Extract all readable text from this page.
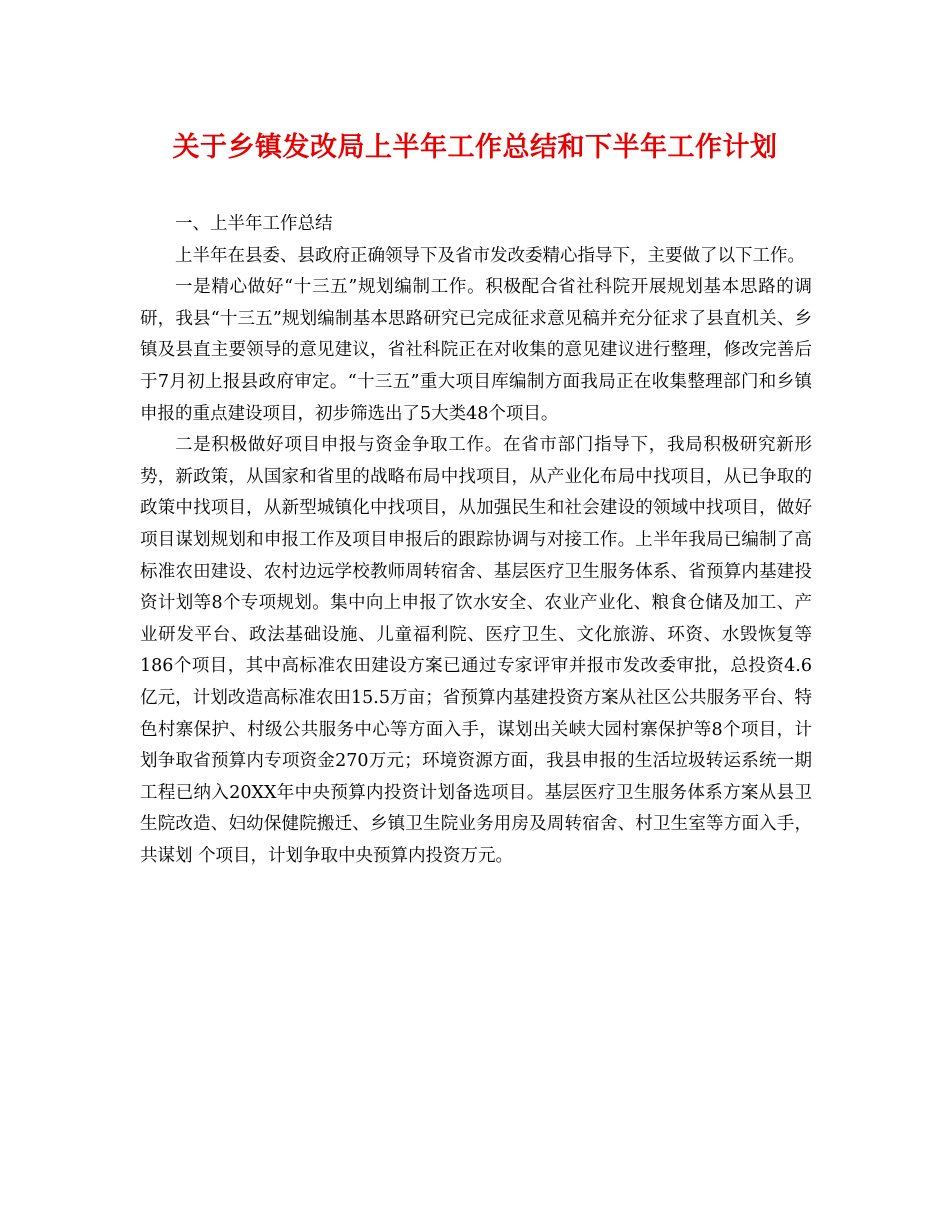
关于乡镇发改局上半年工作总结和下半年工作计划

一、上半年工作总结

上半年在县委、县政府正确领导下及省市发改委精心指导下，主要做了以下工作。

一是精心做好“十三五”规划编制工作。积极配合省社科院开展规划基本思路的调研，我县“十三五”规划编制基本思路研究已完成征求意见稿并充分征求了县直机关、乡镇及县直主要领导的意见建议，省社科院正在对收集的意见建议进行整理，修改完善后于7月初上报县政府审定。“十三五”重大项目库编制方面我局正在收集整理部门和乡镇申报的重点建设项目，初步筛选出了5大类48个项目。

二是积极做好项目申报与资金争取工作。在省市部门指导下，我局积极研究新形势，新政策，从国家和省里的战略布局中找项目，从产业化布局中找项目，从已争取的政策中找项目，从新型城镇化中找项目，从加强民生和社会建设的领域中找项目，做好项目谋划规划和申报工作及项目申报后的跟踪协调与对接工作。上半年我局已编制了高标准农田建设、农村边远学校教师周转宿舍、基层医疗卫生服务体系、省预算内基建投资计划等8个专项规划。集中向上申报了饮水安全、农业产业化、粮食仓储及加工、产业研发平台、政法基础设施、儿童福利院、医疗卫生、文化旅游、环资、水毁恢复等186个项目，其中高标准农田建设方案已通过专家评审并报市发改委审批，总投资4.6亿元，计划改造高标准农田15.5万亩；省预算内基建投资方案从社区公共服务平台、特色村寨保护、村级公共服务中心等方面入手，谋划出关峡大园村寨保护等8个项目，计划争取省预算内专项资金270万元；环境资源方面，我县申报的生活垃圾转运系统一期工程已纳入20XX年中央预算内投资计划备选项目。基层医疗卫生服务体系方案从县卫生院改造、妇幼保健院搬迁、乡镇卫生院业务用房及周转宿舍、村卫生室等方面入手，共谋划 个项目，计划争取中央预算内投资万元。
